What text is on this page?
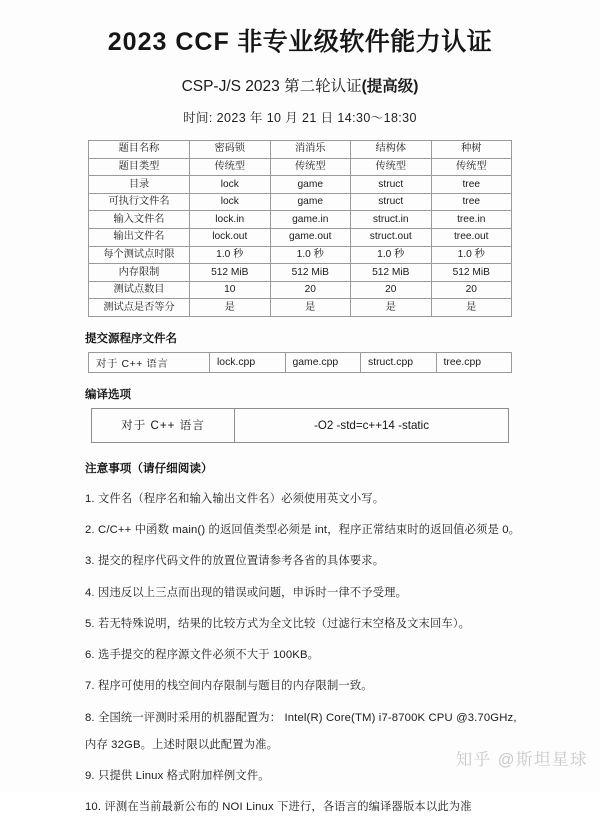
2023 CCF 非专业级软件能力认证

CSP-J/S 2023 第二轮认证(提高级)

时间: 2023 年 10 月 21 日 14:30～18:30

题目名称	密码锁	消消乐	结构体	种树
题目类型	传统型	传统型	传统型	传统型
目录	lock	game	struct	tree
可执行文件名	lock	game	struct	tree
输入文件名	lock.in	game.in	struct.in	tree.in
输出文件名	lock.out	game.out	struct.out	tree.out
每个测试点时限	1.0 秒	1.0 秒	1.0 秒	1.0 秒
内存限制	512 MiB	512 MiB	512 MiB	512 MiB
测试点数目	10	20	20	20
测试点是否等分	是	是	是	是

提交源程序文件名

对于 C++ 语言	lock.cpp	game.cpp	struct.cpp	tree.cpp

编译选项

对于 C++ 语言	-O2 -std=c++14 -static

注意事项（请仔细阅读）

1. 文件名（程序名和输入输出文件名）必须使用英文小写。

2. C/C++ 中函数 main() 的返回值类型必须是 int，程序正常结束时的返回值必须是 0。

3. 提交的程序代码文件的放置位置请参考各省的具体要求。

4. 因违反以上三点而出现的错误或问题，申诉时一律不予受理。

5. 若无特殊说明，结果的比较方式为全文比较（过滤行末空格及文末回车）。

6. 选手提交的程序源文件必须不大于 100KB。

7. 程序可使用的栈空间内存限制与题目的内存限制一致。

8. 全国统一评测时采用的机器配置为： Intel(R) Core(TM) i7-8700K CPU @3.70GHz,

内存 32GB。上述时限以此配置为准。

9. 只提供 Linux 格式附加样例文件。

10. 评测在当前最新公布的 NOI Linux 下进行，各语言的编译器版本以此为准

知乎 @斯坦星球
